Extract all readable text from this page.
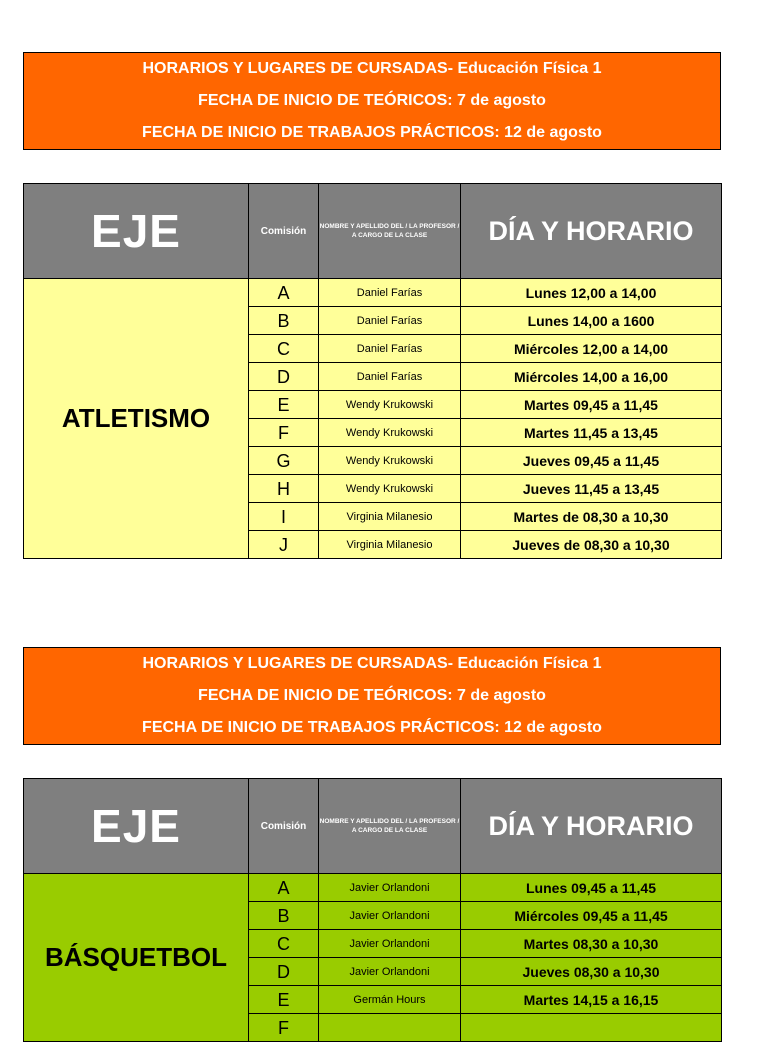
HORARIOS Y LUGARES DE CURSADAS- Educación Física 1
FECHA DE INICIO DE TEÓRICOS: 7 de agosto
FECHA DE INICIO DE TRABAJOS PRÁCTICOS: 12 de agosto
EJE	Comisión	NOMBRE Y APELLIDO DEL / LA PROFESOR / A CARGO DE LA CLASE	DÍA Y HORARIO
ATLETISMO	A	Daniel Farías	Lunes 12,00 a 14,00
	B	Daniel Farías	Lunes 14,00 a 1600
	C	Daniel Farías	Miércoles 12,00 a 14,00
	D	Daniel Farías	Miércoles 14,00 a 16,00
	E	Wendy Krukowski	Martes 09,45 a 11,45
	F	Wendy Krukowski	Martes 11,45 a 13,45
	G	Wendy Krukowski	Jueves 09,45 a 11,45
	H	Wendy Krukowski	Jueves 11,45 a 13,45
	I	Virginia Milanesio	Martes de 08,30 a 10,30
	J	Virginia Milanesio	Jueves de 08,30 a 10,30
HORARIOS Y LUGARES DE CURSADAS- Educación Física 1
FECHA DE INICIO DE TEÓRICOS: 7 de agosto
FECHA DE INICIO DE TRABAJOS PRÁCTICOS: 12 de agosto
EJE	Comisión	NOMBRE Y APELLIDO DEL / LA PROFESOR / A CARGO DE LA CLASE	DÍA Y HORARIO
BÁSQUETBOL	A	Javier Orlandoni	Lunes 09,45 a 11,45
	B	Javier Orlandoni	Miércoles 09,45 a 11,45
	C	Javier Orlandoni	Martes 08,30 a 10,30
	D	Javier Orlandoni	Jueves 08,30 a 10,30
	E	Germán Hours	Martes 14,15 a 16,15
	F		
